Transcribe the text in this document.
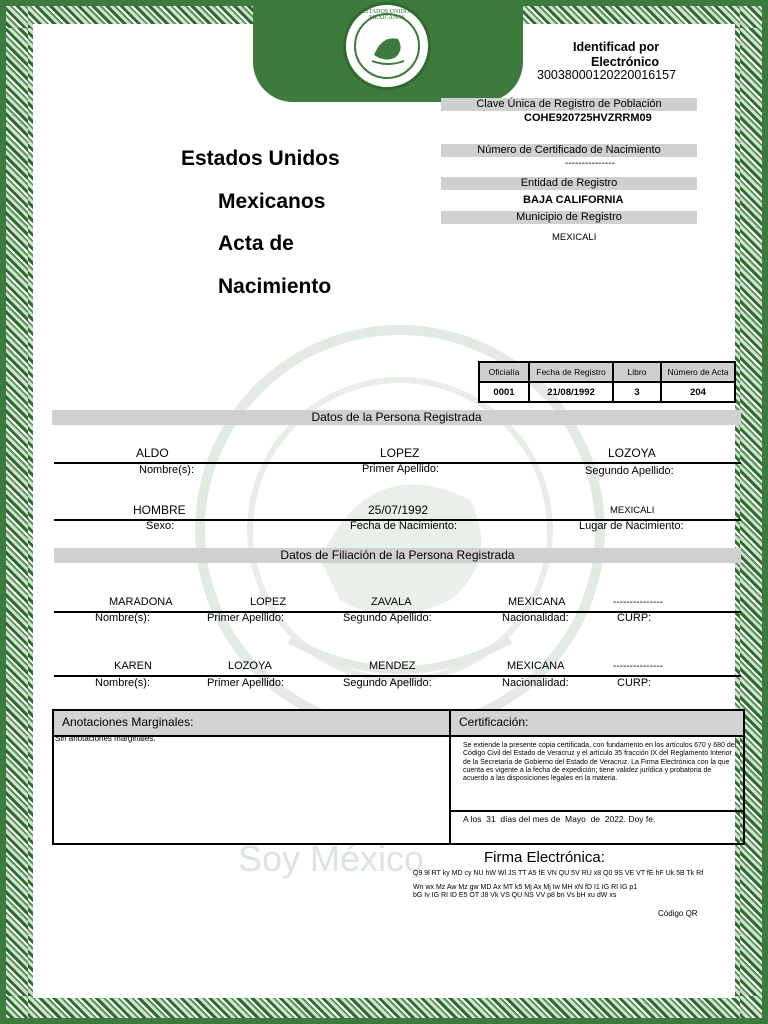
Soy México
ESTADOS UNIDOS MEXICANOS
Identificad por
Electrónico
30038000120220016157
Clave Única de Registro de Población
COHE920725HVZRRM09
Número de Certificado de Nacimiento
---------------
Entidad de Registro
BAJA CALIFORNIA
Municipio de Registro
MEXICALI
Estados Unidos
Mexicanos
Acta de
Nacimiento
Oficialía	Fecha de Registro	Libro	Número de Acta
0001	21/08/1992	3	204
Datos de la Persona Registrada
ALDO	LOPEZ	LOZOYA
Nombre(s):	Primer Apellido:	Segundo Apellido:
HOMBRE	25/07/1992	MEXICALI
Sexo:	Fecha de Nacimiento:	Lugar de Nacimiento:
Datos de Filiación de la Persona Registrada
MARADONA	LOPEZ	ZAVALA	MEXICANA	---------------
Nombre(s):	Primer Apellido:	Segundo Apellido:	Nacionalidad:	CURP:
KAREN	LOZOYA	MENDEZ	MEXICANA	---------------
Nombre(s):	Primer Apellido:	Segundo Apellido:	Nacionalidad:	CURP:
Anotaciones Marginales:	Certificación:
Sin anotaciones marginales.
Se extiende la presente copia certificada, con fundamento en los artículos 670 y 680 del Código Civil del Estado de Veracruz y el artículo 35 fracción IX del Reglamento Interior de la Secretaría de Gobierno del Estado de Veracruz. La Firma Electrónica con la que cuenta es vigente a la fecha de expedición; tiene validez jurídica y probatoria de acuerdo a las disposiciones legales en la materia.
A los  31  días del mes de  Mayo  de  2022. Doy fe.
Firma Electrónica:
Q9 9l RT ky MD cy NU hW Wl JS TT A5 fE VN QU 5V RU x8 Q0 9S VE VT fE hF Uk 5B Tk Rf
Wn wx Mz Aw Mz gw MD Ax MT k5 Mj Ax Mj Iw MH xN fD I1 IG RI IG p1
bG Iv IG RI ID E5 OT J8 Vk VS QU NS VV p8 bn Vs bH xu dW xs
Código QR
